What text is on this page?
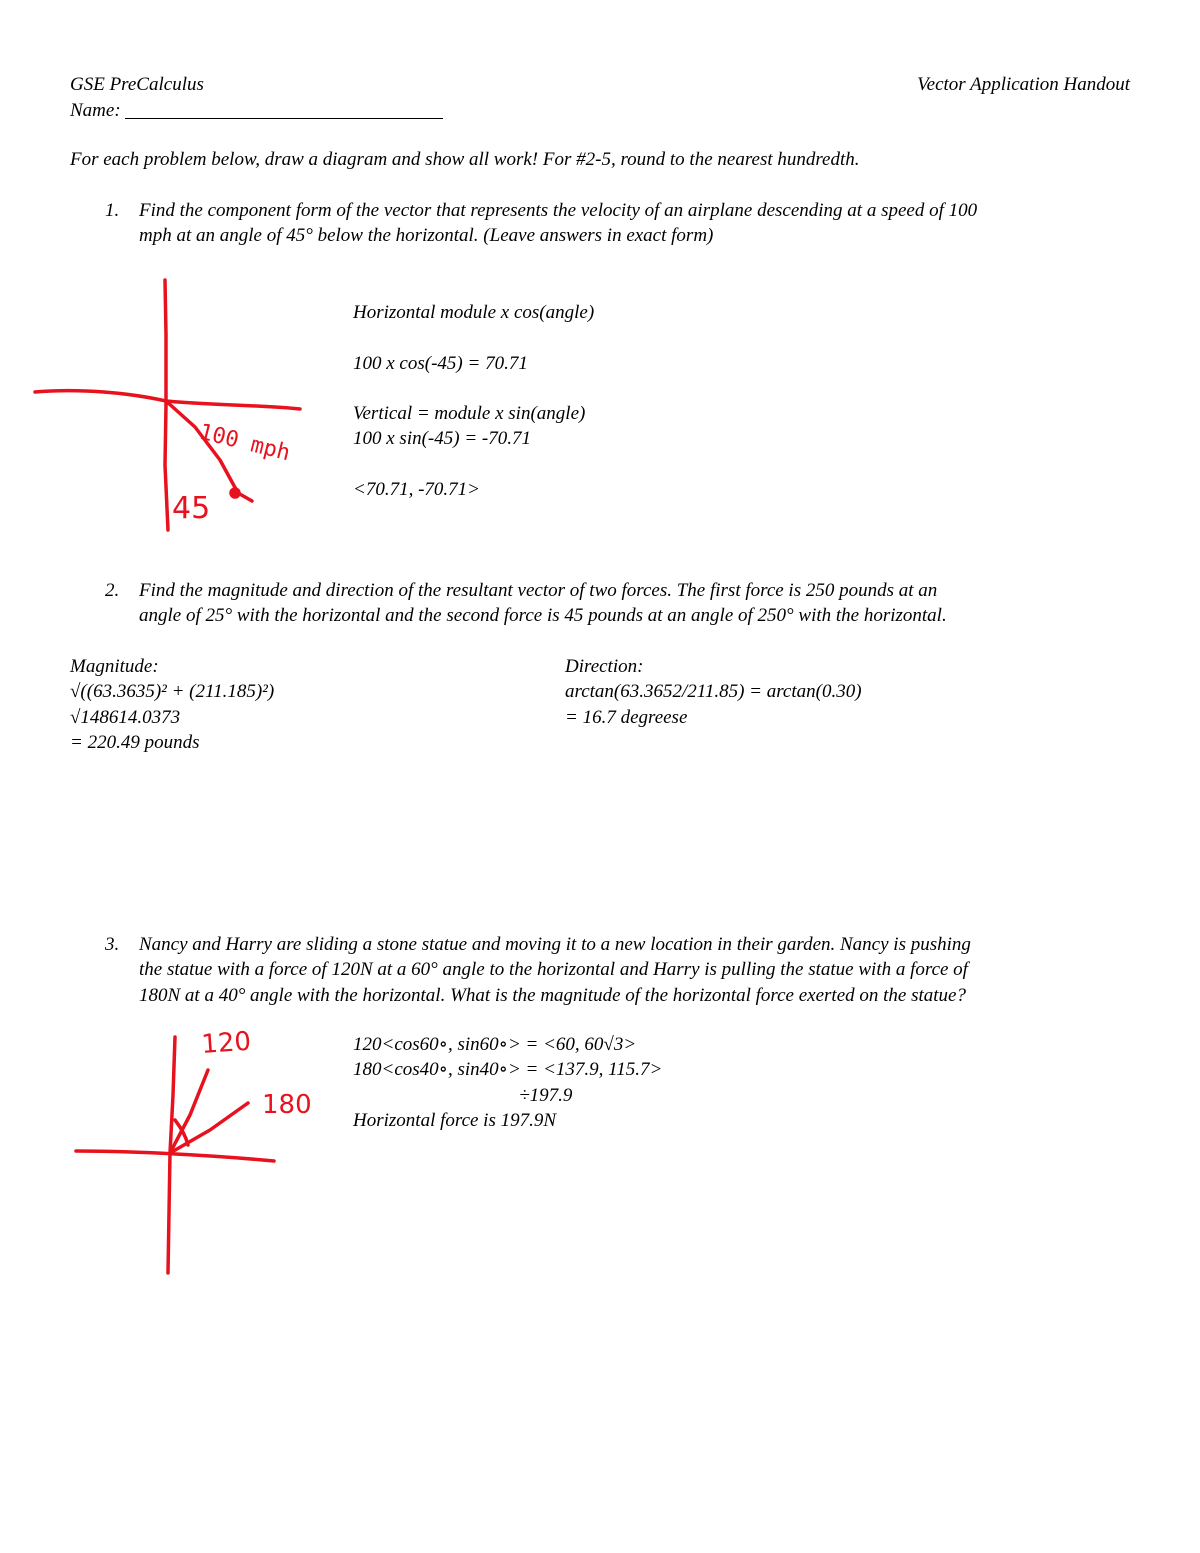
GSE PreCalculus	Vector Application Handout
Name:
For each problem below, draw a diagram and show all work! For #2-5, round to the nearest hundredth.
1. Find the component form of the vector that represents the velocity of an airplane descending at a speed of 100
mph at an angle of 45° below the horizontal. (Leave answers in exact form)
100 mph
45
Horizontal module x cos(angle)
100 x cos(-45) = 70.71
Vertical = module x sin(angle)
100 x sin(-45) = -70.71
<70.71, -70.71>
2. Find the magnitude and direction of the resultant vector of two forces. The first force is 250 pounds at an
angle of 25° with the horizontal and the second force is 45 pounds at an angle of 250° with the horizontal.
Magnitude:
√((63.3635)² + (211.185)²)
√148614.0373
= 220.49 pounds
Direction:
arctan(63.3652/211.85) = arctan(0.30)
= 16.7 degreese
3. Nancy and Harry are sliding a stone statue and moving it to a new location in their garden. Nancy is pushing
the statue with a force of 120N at a 60° angle to the horizontal and Harry is pulling the statue with a force of
180N at a 40° angle with the horizontal. What is the magnitude of the horizontal force exerted on the statue?
120
180
120<cos60∘, sin60∘> = <60, 60√3>
180<cos40∘, sin40∘> = <137.9, 115.7>
÷197.9
Horizontal force is 197.9N
